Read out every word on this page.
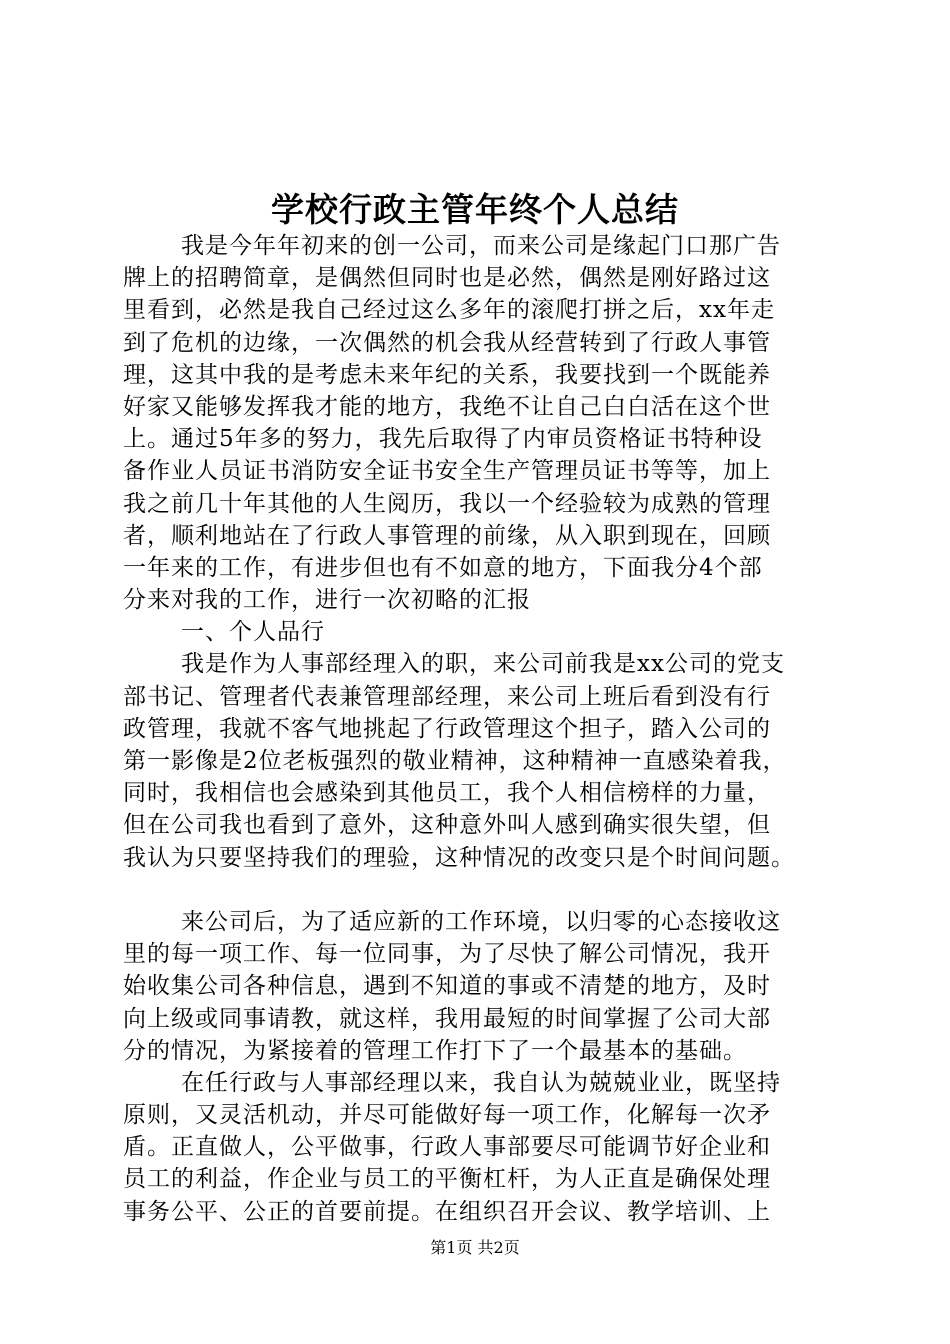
学校行政主管年终个人总结
我是今年年初来的创一公司，而来公司是缘起门口那广告
牌上的招聘简章，是偶然但同时也是必然，偶然是刚好路过这
里看到，必然是我自己经过这么多年的滚爬打拼之后，xx年走
到了危机的边缘，一次偶然的机会我从经营转到了行政人事管
理，这其中我的是考虑未来年纪的关系，我要找到一个既能养
好家又能够发挥我才能的地方，我绝不让自己白白活在这个世
上。通过5年多的努力，我先后取得了内审员资格证书特种设
备作业人员证书消防安全证书安全生产管理员证书等等，加上
我之前几十年其他的人生阅历，我以一个经验较为成熟的管理
者，顺利地站在了行政人事管理的前缘，从入职到现在，回顾
一年来的工作，有进步但也有不如意的地方，下面我分4个部
分来对我的工作，进行一次初略的汇报
一、个人品行
我是作为人事部经理入的职，来公司前我是xx公司的党支
部书记、管理者代表兼管理部经理，来公司上班后看到没有行
政管理，我就不客气地挑起了行政管理这个担子，踏入公司的
第一影像是2位老板强烈的敬业精神，这种精神一直感染着我，
同时，我相信也会感染到其他员工，我个人相信榜样的力量，
但在公司我也看到了意外，这种意外叫人感到确实很失望，但
我认为只要坚持我们的理验，这种情况的改变只是个时间问题。
来公司后，为了适应新的工作环境，以归零的心态接收这
里的每一项工作、每一位同事，为了尽快了解公司情况，我开
始收集公司各种信息，遇到不知道的事或不清楚的地方，及时
向上级或同事请教，就这样，我用最短的时间掌握了公司大部
分的情况，为紧接着的管理工作打下了一个最基本的基础。
在任行政与人事部经理以来，我自认为兢兢业业，既坚持
原则，又灵活机动，并尽可能做好每一项工作，化解每一次矛
盾。正直做人，公平做事，行政人事部要尽可能调节好企业和
员工的利益，作企业与员工的平衡杠杆，为人正直是确保处理
事务公平、公正的首要前提。在组织召开会议、教学培训、上
第1页 共2页
